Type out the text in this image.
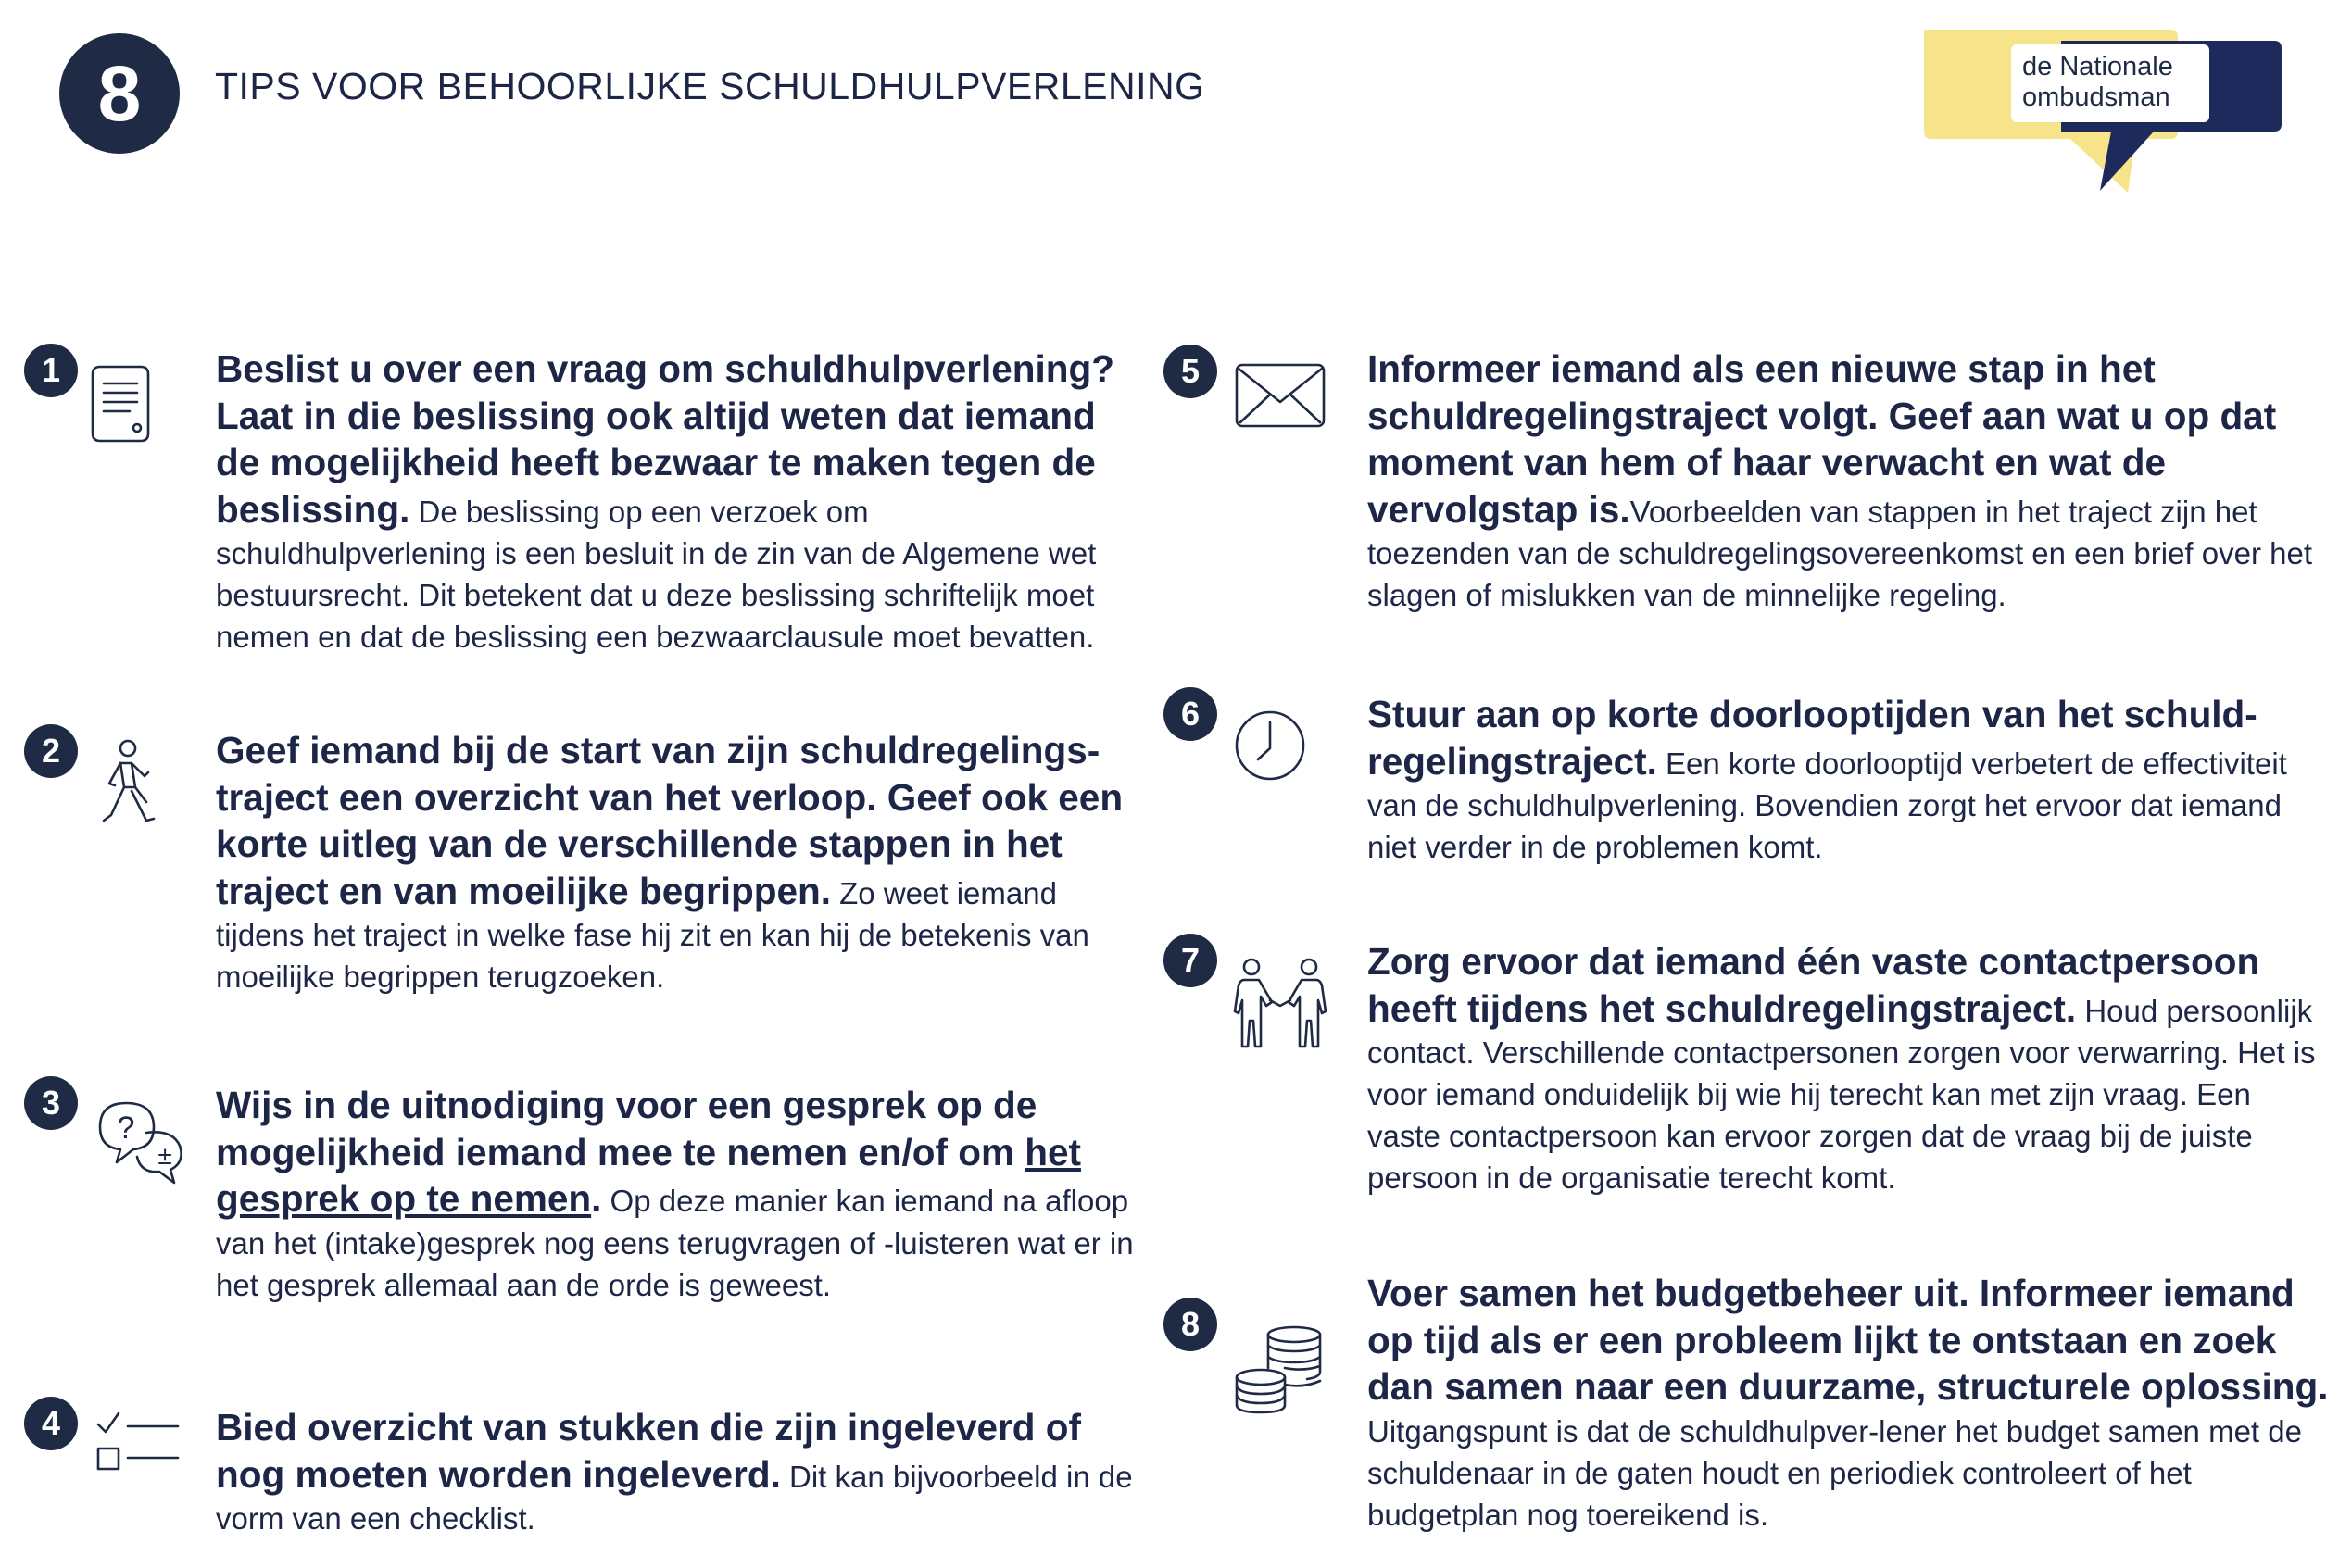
8	TIPS VOOR BEHOORLIJKE SCHULDHULPVERLENING	de Nationale
ombudsman
1	Beslist u over een vraag om schuldhulpverlening? Laat in die beslissing ook altijd weten dat iemand de mogelijkheid heeft bezwaar te maken tegen de beslissing. De beslissing op een verzoek om schuldhulpverlening is een besluit in de zin van de Algemene wet bestuursrecht. Dit betekent dat u deze beslissing schriftelijk moet nemen en dat de beslissing een bezwaarclausule moet bevatten.
2	Geef iemand bij de start van zijn schuldregelings-traject een overzicht van het verloop. Geef ook een korte uitleg van de verschillende stappen in het traject en van moeilijke begrippen. Zo weet iemand tijdens het traject in welke fase hij zit en kan hij de betekenis van moeilijke begrippen terugzoeken.
3
?
±
Wijs in de uitnodiging voor een gesprek op de mogelijkheid iemand mee te nemen en/of om het gesprek op te nemen. Op deze manier kan iemand na afloop van het (intake)gesprek nog eens terugvragen of -luisteren wat er in het gesprek allemaal aan de orde is geweest.
4	Bied overzicht van stukken die zijn ingeleverd of nog moeten worden ingeleverd. Dit kan bijvoorbeeld in de vorm van een checklist.
5	Informeer iemand als een nieuwe stap in het schuldregelingstraject volgt. Geef aan wat u op dat moment van hem of haar verwacht en wat de vervolgstap is.Voorbeelden van stappen in het traject zijn het toezenden van de schuldregelingsovereenkomst en een brief over het slagen of mislukken van de minnelijke regeling.
6	Stuur aan op korte doorlooptijden van het schuld-regelingstraject. Een korte doorlooptijd verbetert de effectiviteit van de schuldhulpverlening. Bovendien zorgt het ervoor dat iemand niet verder in de problemen komt.
7	Zorg ervoor dat iemand één vaste contactpersoon heeft tijdens het schuldregelingstraject. Houd persoonlijk contact. Verschillende contactpersonen zorgen voor verwarring. Het is voor iemand onduidelijk bij wie hij terecht kan met zijn vraag. Een vaste contactpersoon kan ervoor zorgen dat de vraag bij de juiste persoon in de organisatie terecht komt.
8
Voer samen het budgetbeheer uit. Informeer iemand op tijd als er een probleem lijkt te ontstaan en zoek dan samen naar een duurzame, structurele oplossing. Uitgangspunt is dat de schuldhulpver-lener het budget samen met de schuldenaar in de gaten houdt en periodiek controleert of het budgetplan nog toereikend is.
